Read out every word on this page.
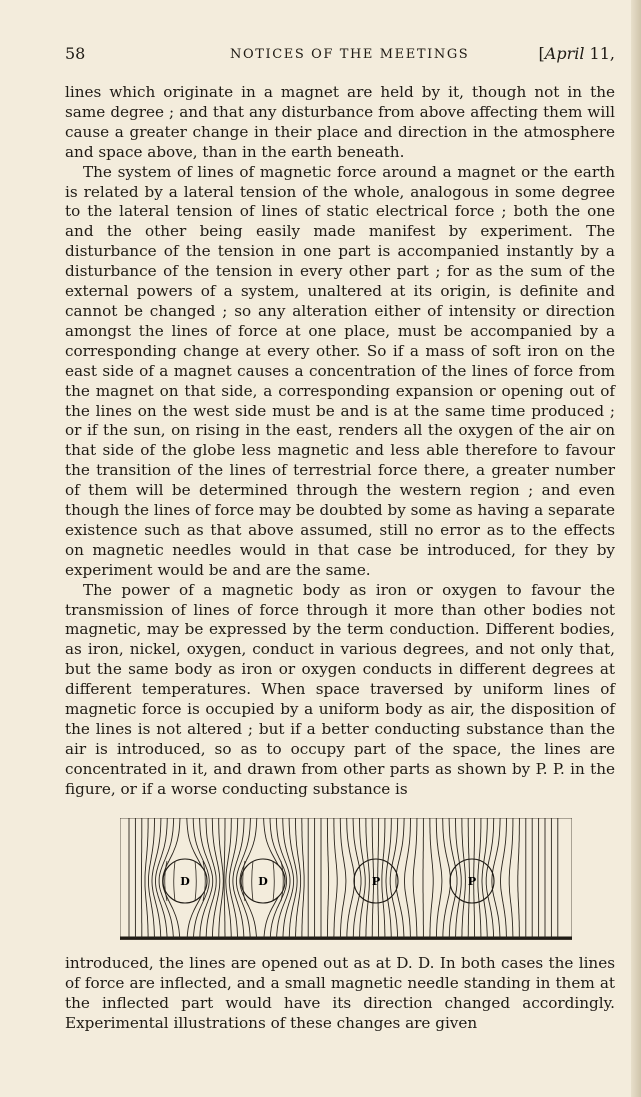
58	NOTICES OF THE MEETINGS	[April 11,

lines which originate in a magnet are held by it, though not in the same degree ; and that any disturbance from above affecting them will cause a greater change in their place and direction in the atmosphere and space above, than in the earth beneath.

The system of lines of magnetic force around a magnet or the earth is related by a lateral tension of the whole, analogous in some degree to the lateral tension of lines of static electrical force ; both the one and the other being easily made manifest by experiment. The disturbance of the tension in one part is accompanied instantly by a disturbance of the tension in every other part ; for as the sum of the external powers of a system, unaltered at its origin, is definite and cannot be changed ; so any alteration either of intensity or direction amongst the lines of force at one place, must be accompanied by a corresponding change at every other. So if a mass of soft iron on the east side of a magnet causes a concentration of the lines of force from the magnet on that side, a corresponding expansion or opening out of the lines on the west side must be and is at the same time produced ; or if the sun, on rising in the east, renders all the oxygen of the air on that side of the globe less magnetic and less able therefore to favour the transition of the lines of terrestrial force there, a greater number of them will be determined through the western region ; and even though the lines of force may be doubted by some as having a separate existence such as that above assumed, still no error as to the effects on magnetic needles would in that case be introduced, for they by experiment would be and are the same.

The power of a magnetic body as iron or oxygen to favour the transmission of lines of force through it more than other bodies not magnetic, may be expressed by the term conduction. Different bodies, as iron, nickel, oxygen, conduct in various degrees, and not only that, but the same body as iron or oxygen conducts in different degrees at different temperatures. When space traversed by uniform lines of magnetic force is occupied by a uniform body as air, the disposition of the lines is not altered ; but if a better conducting substance than the air is introduced, so as to occupy part of the space, the lines are concentrated in it, and drawn from other parts as shown by P. P. in the figure, or if a worse conducting substance is

D	D	P	P

introduced, the lines are opened out as at D. D. In both cases the lines of force are inflected, and a small magnetic needle standing in them at the inflected part would have its direction changed accordingly. Experimental illustrations of these changes are given
